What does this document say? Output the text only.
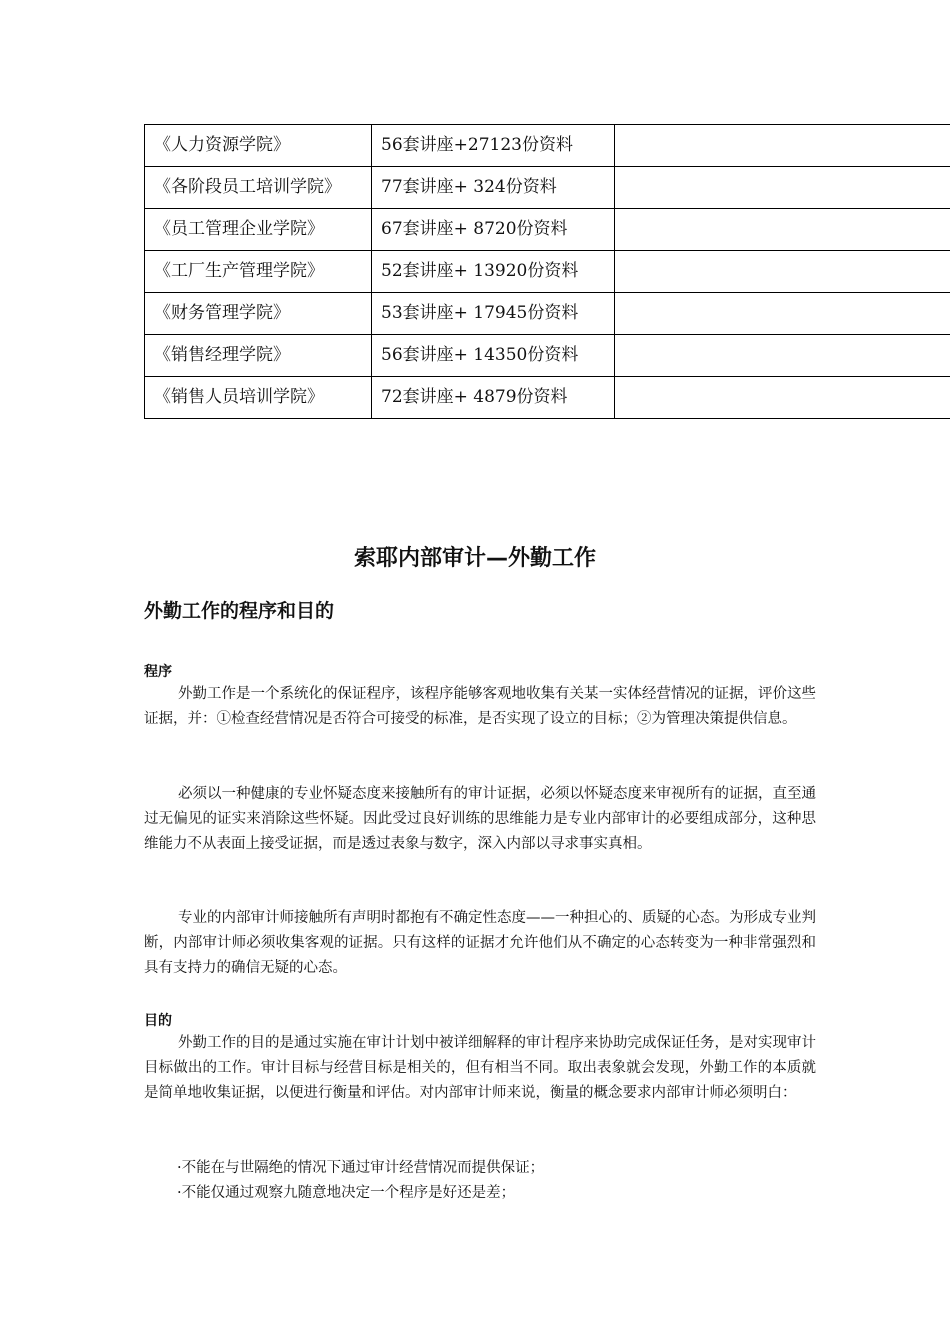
《人力资源学院》	56套讲座+27123份资料	
《各阶段员工培训学院》	77套讲座+ 324份资料	
《员工管理企业学院》	67套讲座+ 8720份资料	
《工厂生产管理学院》	52套讲座+ 13920份资料	
《财务管理学院》	53套讲座+ 17945份资料	
《销售经理学院》	56套讲座+ 14350份资料	
《销售人员培训学院》	72套讲座+ 4879份资料	
索耶内部审计—外勤工作
外勤工作的程序和目的
程序

外勤工作是一个系统化的保证程序，该程序能够客观地收集有关某一实体经营情况的证据，评价这些证据，并：①检查经营情况是否符合可接受的标准，是否实现了设立的目标；②为管理决策提供信息。

必须以一种健康的专业怀疑态度来接触所有的审计证据，必须以怀疑态度来审视所有的证据，直至通过无偏见的证实来消除这些怀疑。因此受过良好训练的思维能力是专业内部审计的必要组成部分，这种思维能力不从表面上接受证据，而是透过表象与数字，深入内部以寻求事实真相。

专业的内部审计师接触所有声明时都抱有不确定性态度——一种担心的、质疑的心态。为形成专业判断，内部审计师必须收集客观的证据。只有这样的证据才允许他们从不确定的心态转变为一种非常强烈和具有支持力的确信无疑的心态。

目的

外勤工作的目的是通过实施在审计计划中被详细解释的审计程序来协助完成保证任务，是对实现审计目标做出的工作。审计目标与经营目标是相关的，但有相当不同。取出表象就会发现，外勤工作的本质就是简单地收集证据，以便进行衡量和评估。对内部审计师来说，衡量的概念要求内部审计师必须明白：

·不能在与世隔绝的情况下通过审计经营情况而提供保证；
·不能仅通过观察九随意地决定一个程序是好还是差；
